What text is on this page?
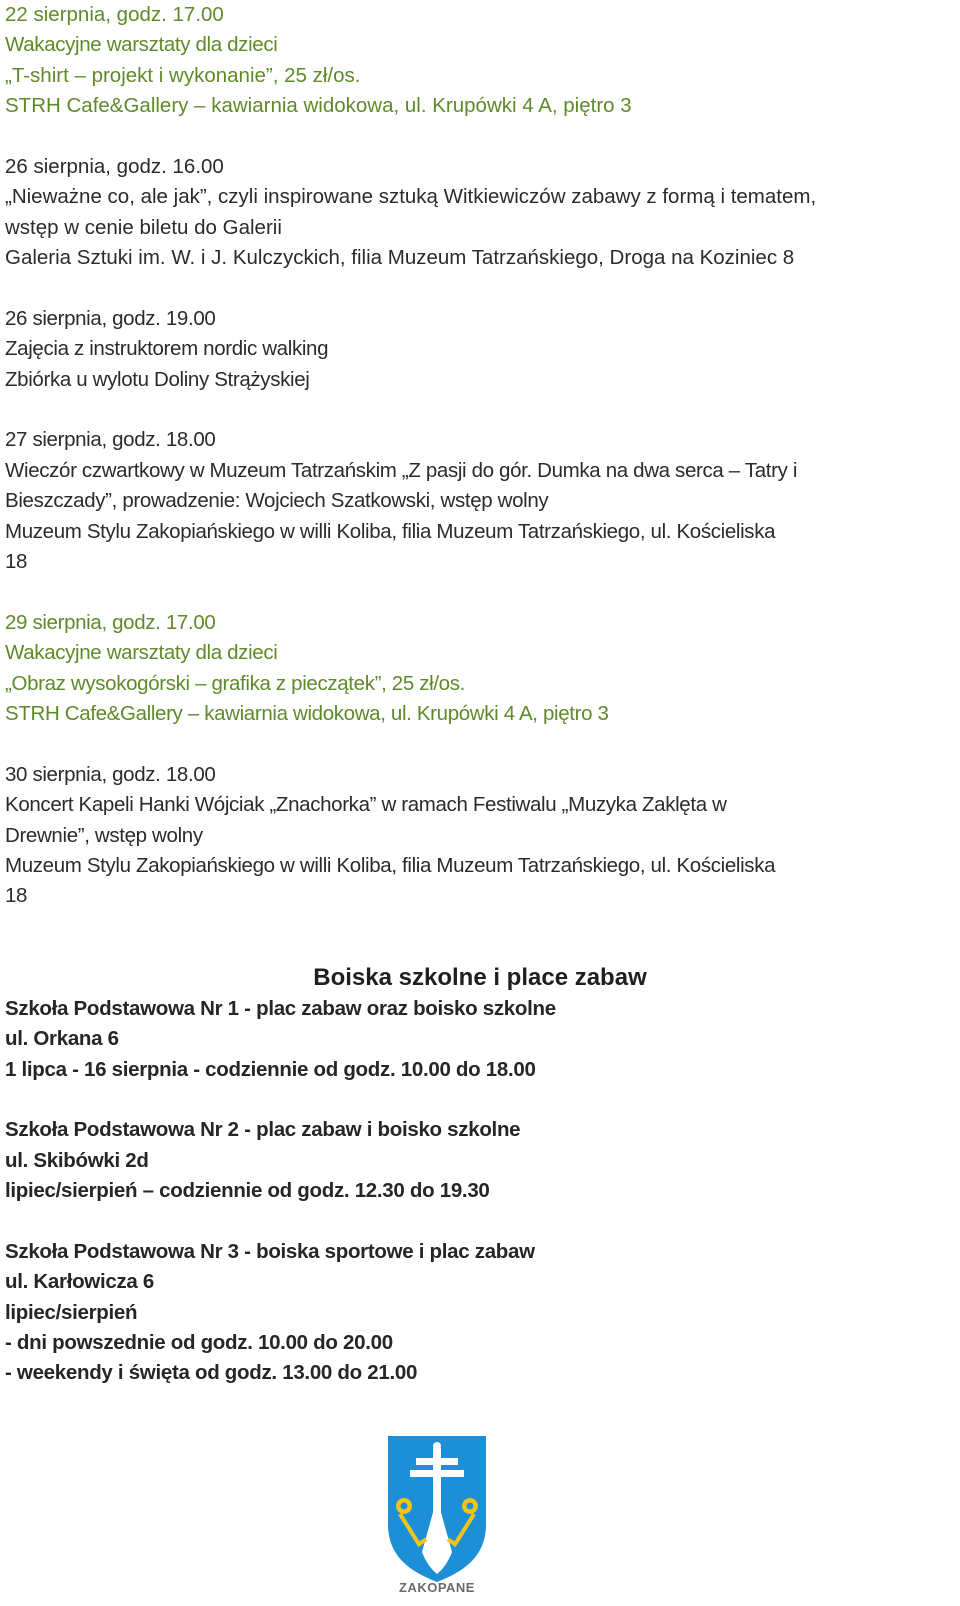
22 sierpnia, godz. 17.00
Wakacyjne warsztaty dla dzieci
„T-shirt – projekt i wykonanie”, 25 zł/os.
STRH Cafe&Gallery – kawiarnia widokowa, ul. Krupówki 4 A, piętro 3
26 sierpnia, godz. 16.00
„Nieważne co, ale jak”, czyli inspirowane sztuką Witkiewiczów zabawy z formą i tematem,
wstęp w cenie biletu do Galerii
Galeria Sztuki im. W. i J. Kulczyckich, filia Muzeum Tatrzańskiego, Droga na Koziniec 8
26 sierpnia, godz. 19.00
Zajęcia z instruktorem nordic walking
Zbiórka u wylotu Doliny Strążyskiej
27 sierpnia, godz. 18.00
Wieczór czwartkowy w Muzeum Tatrzańskim „Z pasji do gór. Dumka na dwa serca – Tatry i
Bieszczady”, prowadzenie: Wojciech Szatkowski, wstęp wolny
Muzeum Stylu Zakopiańskiego w willi Koliba, filia Muzeum Tatrzańskiego, ul. Kościeliska
18
29 sierpnia, godz. 17.00
Wakacyjne warsztaty dla dzieci
„Obraz wysokogórski – grafika z pieczątek”, 25 zł/os.
STRH Cafe&Gallery – kawiarnia widokowa, ul. Krupówki 4 A, piętro 3
30 sierpnia, godz. 18.00
Koncert Kapeli Hanki Wójciak „Znachorka” w ramach Festiwalu „Muzyka Zaklęta w
Drewnie”, wstęp wolny
Muzeum Stylu Zakopiańskiego w willi Koliba, filia Muzeum Tatrzańskiego, ul. Kościeliska
18
Boiska szkolne i place zabaw
Szkoła Podstawowa Nr 1 - plac zabaw oraz boisko szkolne
ul. Orkana 6
1 lipca - 16 sierpnia - codziennie od godz. 10.00 do 18.00
Szkoła Podstawowa Nr 2 - plac zabaw i boisko szkolne
ul. Skibówki 2d
lipiec/sierpień – codziennie od godz. 12.30 do 19.30
Szkoła Podstawowa Nr 3 - boiska sportowe i plac zabaw
ul. Karłowicza 6
lipiec/sierpień
- dni powszednie od godz. 10.00 do 20.00
- weekendy i święta od godz. 13.00 do 21.00
ZAKOPANE
